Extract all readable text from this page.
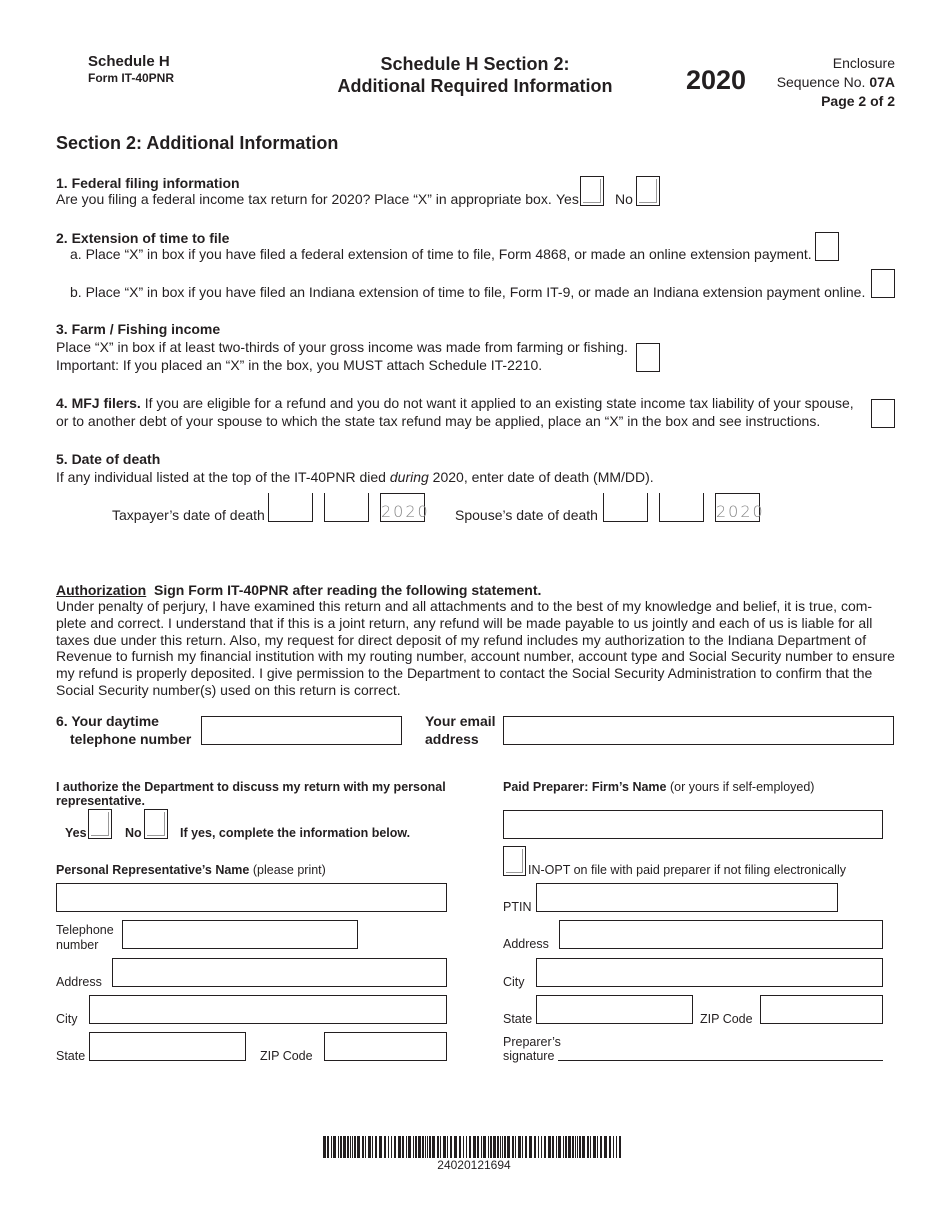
Schedule H
Form IT-40PNR
Schedule H Section 2:
Additional Required Information	2020
Enclosure
Sequence No. 07A
Page 2 of 2
Section 2: Additional Information
1. Federal filing information
Are you filing a federal income tax return for 2020? Place “X” in appropriate box. Yes	No
2. Extension of time to file
a. Place “X” in box if you have filed a federal extension of time to file, Form 4868, or made an online extension payment.
b. Place “X” in box if you have filed an Indiana extension of time to file, Form IT-9, or made an Indiana extension payment online.
3. Farm / Fishing income
Place “X” in box if at least two-thirds of your gross income was made from farming or fishing.
Important: If you placed an “X” in the box, you MUST attach Schedule IT-2210.
4. MFJ filers. If you are eligible for a refund and you do not want it applied to an existing state income tax liability of your spouse,
or to another debt of your spouse to which the state tax refund may be applied, place an “X” in the box and see instructions.
5. Date of death
If any individual listed at the top of the IT-40PNR died during 2020, enter date of death (MM/DD).
Taxpayer’s date of death	2020 Spouse’s date of death	2020
Authorization Sign Form IT-40PNR after reading the following statement.
Under penalty of perjury, I have examined this return and all attachments and to the best of my knowledge and belief, it is true, com-
plete and correct. I understand that if this is a joint return, any refund will be made payable to us jointly and each of us is liable for all
taxes due under this return. Also, my request for direct deposit of my refund includes my authorization to the Indiana Department of
Revenue to furnish my financial institution with my routing number, account number, account type and Social Security number to ensure
my refund is properly deposited. I give permission to the Department to contact the Social Security Administration to confirm that the
Social Security number(s) used on this return is correct.
6. Your daytime
telephone number
Your email
address
I authorize the Department to discuss my return with my personal
representative.
Yes	No	If yes, complete the information below.
Personal Representative’s Name (please print)
Telephone
number
Address
City
State	ZIP Code
Paid Preparer: Firm’s Name (or yours if self-employed)
IN-OPT on file with paid preparer if not filing electronically
PTIN
Address
City
State	ZIP Code
Preparer’s
signature
24020121694
